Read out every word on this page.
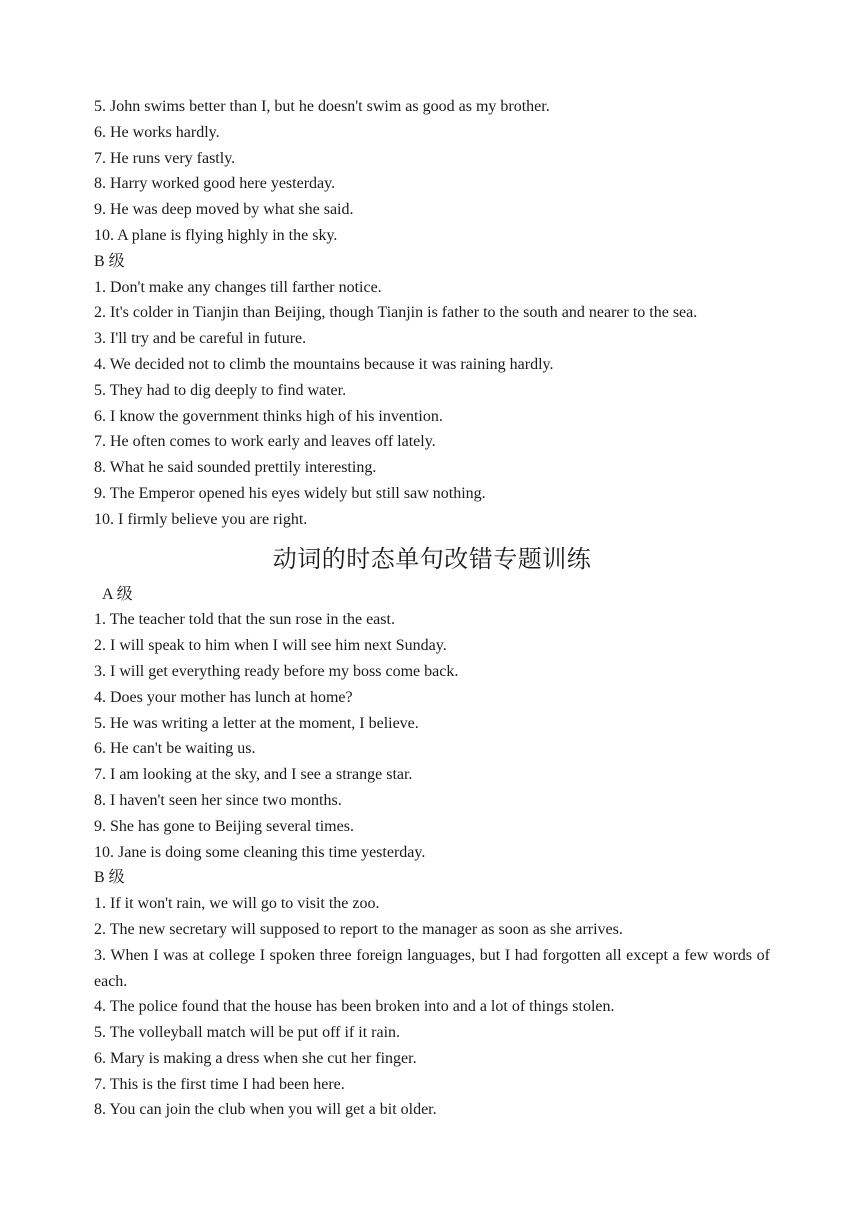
5. John swims better than I, but he doesn't swim as good as my brother.
6. He works hardly.
7. He runs very fastly.
8. Harry worked good here yesterday.
9. He was deep moved by what she said.
10. A plane is flying highly in the sky.
B 级
1. Don't make any changes till farther notice.
2. It's colder in Tianjin than Beijing, though Tianjin is father to the south and nearer to the sea.
3. I'll try and be careful in future.
4. We decided not to climb the mountains because it was raining hardly.
5. They had to dig deeply to find water.
6. I know the government thinks high of his invention.
7. He often comes to work early and leaves off lately.
8. What he said sounded prettily interesting.
9. The Emperor opened his eyes widely but still saw nothing.
10. I firmly believe you are right.
动词的时态单句改错专题训练
A 级
1. The teacher told that the sun rose in the east.
2. I will speak to him when I will see him next Sunday.
3. I will get everything ready before my boss come back.
4. Does your mother has lunch at home?
5. He was writing a letter at the moment, I believe.
6. He can't be waiting us.
7. I am looking at the sky, and I see a strange star.
8. I haven't seen her since two months.
9. She has gone to Beijing several times.
10. Jane is doing some cleaning this time yesterday.
B 级
1. If it won't rain, we will go to visit the zoo.
2. The new secretary will supposed to report to the manager as soon as she arrives.
3. When I was at college I spoken three foreign languages, but I had forgotten all except a few words of each.
4. The police found that the house has been broken into and a lot of things stolen.
5. The volleyball match will be put off if it rain.
6. Mary is making a dress when she cut her finger.
7. This is the first time I had been here.
8. You can join the club when you will get a bit older.
